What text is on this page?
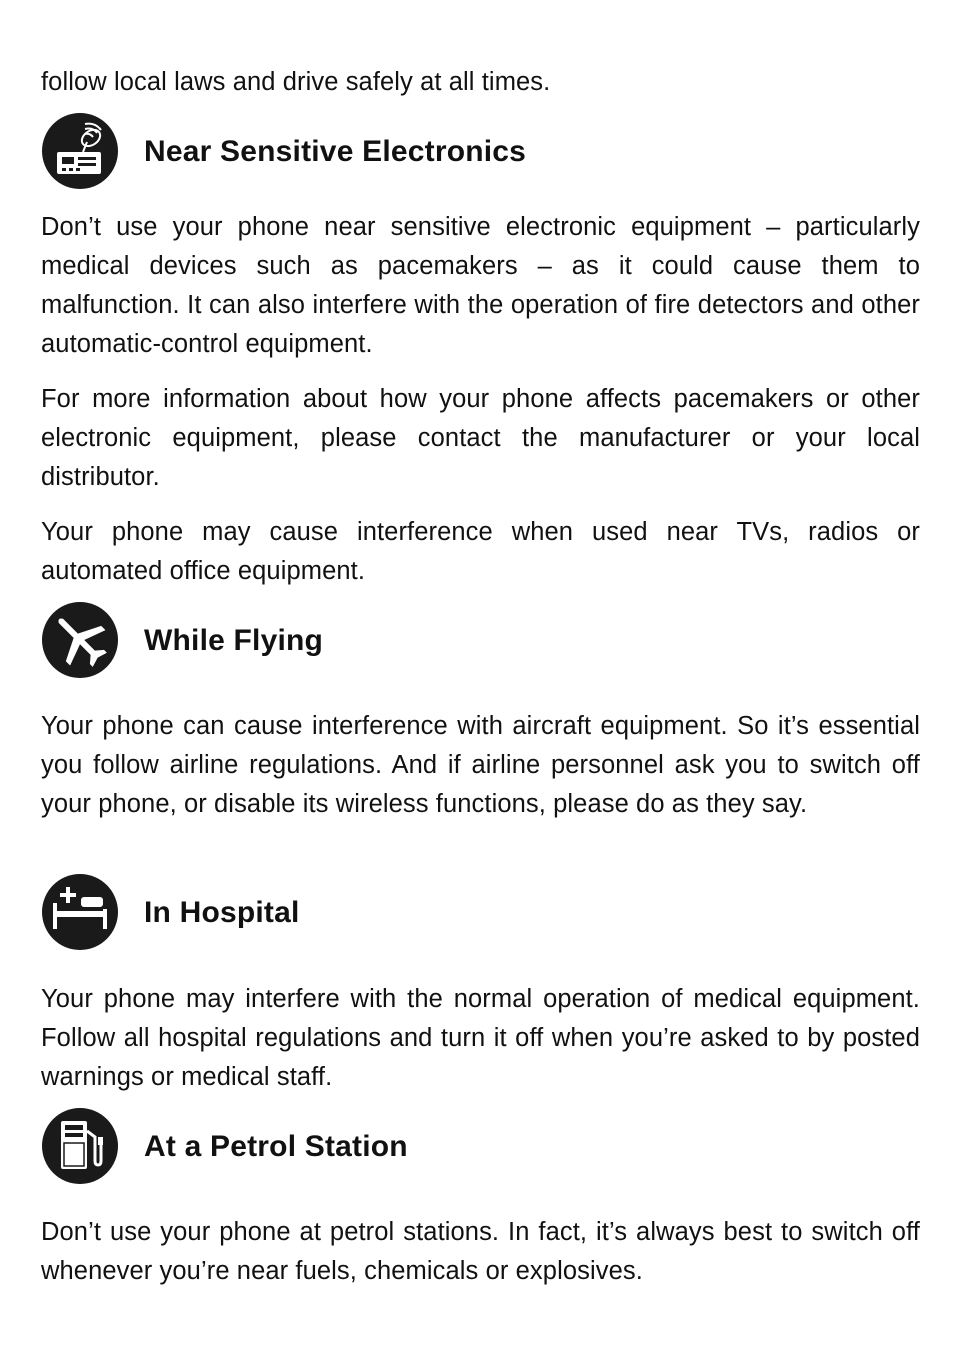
follow local laws and drive safely at all times.

Near Sensitive Electronics

Don’t use your phone near sensitive electronic equipment – particularly medical devices such as pacemakers – as it could cause them to malfunction. It can also interfere with the operation of fire detectors and other automatic-control equipment.

For more information about how your phone affects pacemakers or other electronic equipment, please contact the manufacturer or your local distributor.

Your phone may cause interference when used near TVs, radios or automated office equipment.

While Flying

Your phone can cause interference with aircraft equipment. So it’s essential you follow airline regulations. And if airline personnel ask you to switch off your phone, or disable its wireless functions, please do as they say.

In Hospital

Your phone may interfere with the normal operation of medical equipment. Follow all hospital regulations and turn it off when you’re asked to by posted warnings or medical staff.

At a Petrol Station

Don’t use your phone at petrol stations. In fact, it’s always best to switch off whenever you’re near fuels, chemicals or explosives.
